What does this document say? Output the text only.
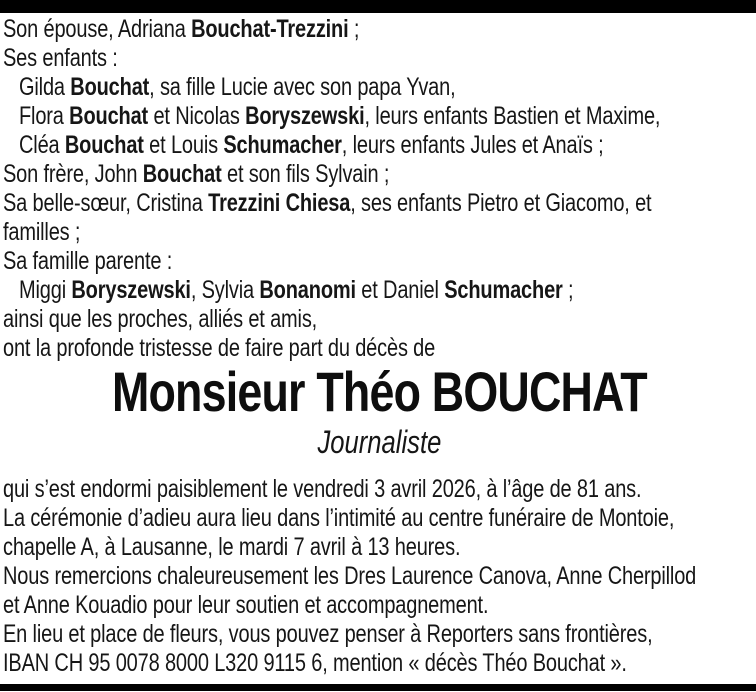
Son épouse, Adriana Bouchat-Trezzini ;
Ses enfants :
Gilda Bouchat, sa fille Lucie avec son papa Yvan,
Flora Bouchat et Nicolas Boryszewski, leurs enfants Bastien et Maxime,
Cléa Bouchat et Louis Schumacher, leurs enfants Jules et Anaïs ;
Son frère, John Bouchat et son fils Sylvain ;
Sa belle-sœur, Cristina Trezzini Chiesa, ses enfants Pietro et Giacomo, et
familles ;
Sa famille parente :
Miggi Boryszewski, Sylvia Bonanomi et Daniel Schumacher ;
ainsi que les proches, alliés et amis,
ont la profonde tristesse de faire part du décès de
Monsieur Théo BOUCHAT
Journaliste
qui s’est endormi paisiblement le vendredi 3 avril 2026, à l’âge de 81 ans.
La cérémonie d’adieu aura lieu dans l’intimité au centre funéraire de Montoie,
chapelle A, à Lausanne, le mardi 7 avril à 13 heures.
Nous remercions chaleureusement les Dres Laurence Canova, Anne Cherpillod
et Anne Kouadio pour leur soutien et accompagnement.
En lieu et place de fleurs, vous pouvez penser à Reporters sans frontières,
IBAN CH 95 0078 8000 L320 9115 6, mention « décès Théo Bouchat ».
